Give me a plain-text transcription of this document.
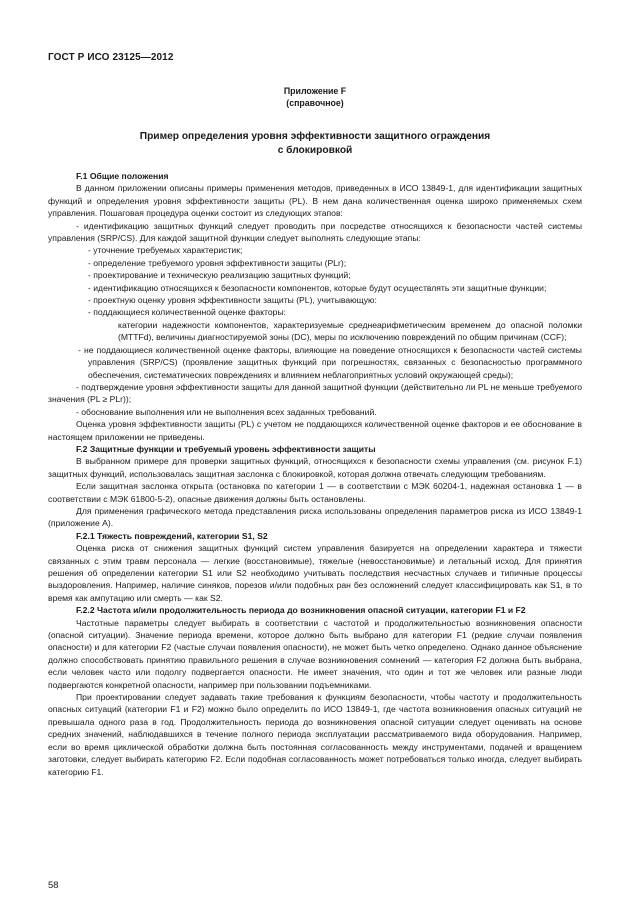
ГОСТ Р ИСО 23125—2012
Приложение F
(справочное)
Пример определения уровня эффективности защитного ограждения
с блокировкой

F.1 Общие положения

В данном приложении описаны примеры применения методов, приведенных в ИСО 13849-1, для идентификации защитных функций и определения уровня эффективности защиты (PL). В нем дана количественная оценка широко применяемых схем управления. Пошаговая процедура оценки состоит из следующих этапов:

- идентификацию защитных функций следует проводить при посредстве относящихся к безопасности частей системы управления (SRP/CS). Для каждой защитной функции следует выполнять следующие этапы:

- уточнение требуемых характеристик;

- определение требуемого уровня эффективности защиты (PLr);

- проектирование и техническую реализацию защитных функций;

- идентификацию относящихся к безопасности компонентов, которые будут осуществлять эти защитные функции;

- проектную оценку уровня эффективности защиты (PL), учитывающую:

- поддающиеся количественной оценке факторы:

категории надежности компонентов, характеризуемые среднеарифметическим временем до опасной поломки (MTTFd), величины диагностируемой зоны (DC), меры по исключению повреждений по общим причинам (CCF);

- не поддающиеся количественной оценке факторы, влияющие на поведение относящихся к безопасности частей системы управления (SRP/CS) (проявление защитных функций при погрешностях, связанных с безопасностью программного обеспечения, систематических повреждениях и влиянием неблагоприятных условий окружающей среды);

- подтверждение уровня эффективности защиты для данной защитной функции (действительно ли PL не меньше требуемого значения (PL ≥ PLr));

- обоснование выполнения или не выполнения всех заданных требований.

Оценка уровня эффективности защиты (PL) с учетом не поддающихся количественной оценке факторов и ее обоснование в настоящем приложении не приведены.

F.2 Защитные функции и требуемый уровень эффективности защиты

В выбранном примере для проверки защитных функций, относящихся к безопасности схемы управления (см. рисунок F.1) защитных функций, использовалась защитная заслонка с блокировкой, которая должна отвечать следующим требованиям.

Если защитная заслонка открыта (остановка по категории 1 — в соответствии с МЭК 60204-1, надежная остановка 1 — в соответствии с МЭК 61800-5-2), опасные движения должны быть остановлены.

Для применения графического метода представления риска использованы определения параметров риска из ИСО 13849-1 (приложение А).

F.2.1 Тяжесть повреждений, категории S1, S2

Оценка риска от снижения защитных функций систем управления базируется на определении характера и тяжести связанных с этим травм персонала — легкие (восстановимые), тяжелые (невосстановимые) и летальный исход. Для принятия решения об определении категории S1 или S2 необходимо учитывать последствия несчастных случаев и типичные процессы выздоровления. Например, наличие синяков, порезов и/или подобных ран без осложнений следует классифицировать как S1, в то время как ампутацию или смерть — как S2.

F.2.2 Частота и/или продолжительность периода до возникновения опасной ситуации, категории F1 и F2

Частотные параметры следует выбирать в соответствии с частотой и продолжительностью возникновения опасности (опасной ситуации). Значение периода времени, которое должно быть выбрано для категории F1 (редкие случаи появления опасности) и для категории F2 (частые случаи появления опасности), не может быть четко определено. Однако данное объяснение должно способствовать принятию правильного решения в случае возникновения сомнений — категория F2 должна быть выбрана, если человек часто или подолгу подвергается опасности. Не имеет значения, что один и тот же человек или разные люди подвергаются конкретной опасности, например при пользовании подъемниками.

При проектировании следует задавать такие требования к функциям безопасности, чтобы частоту и продолжительность опасных ситуаций (категории F1 и F2) можно было определить по ИСО 13849-1, где частота возникновения опасных ситуаций не превышала одного раза в год. Продолжительность периода до возникновения опасной ситуации следует оценивать на основе средних значений, наблюдавшихся в течение полного периода эксплуатации рассматриваемого вида оборудования. Например, если во время циклической обработки должна быть постоянная согласованность между инструментами, подачей и вращением заготовки, следует выбирать категорию F2. Если подобная согласованность может потребоваться только иногда, следует выбирать категорию F1.

58
